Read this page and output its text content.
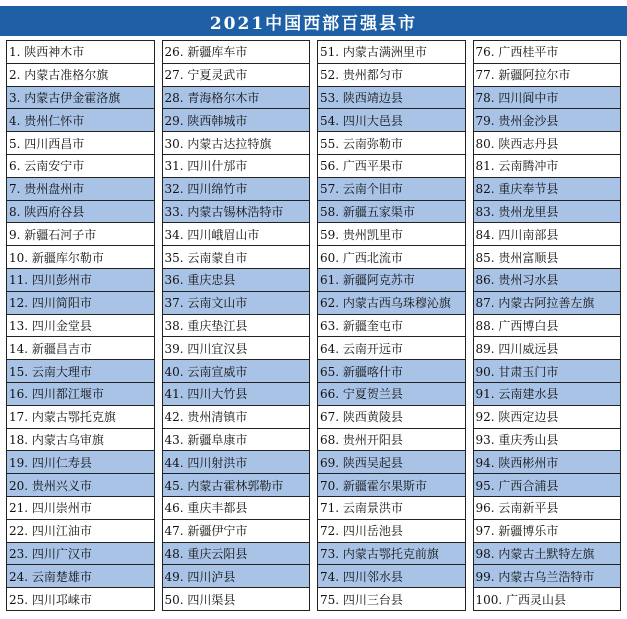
2021中国西部百强县市
1. 陕西神木市
2. 内蒙古准格尔旗
3. 内蒙古伊金霍洛旗
4. 贵州仁怀市
5. 四川西昌市
6. 云南安宁市
7. 贵州盘州市
8. 陕西府谷县
9. 新疆石河子市
10. 新疆库尔勒市
11. 四川彭州市
12. 四川简阳市
13. 四川金堂县
14. 新疆昌吉市
15. 云南大理市
16. 四川都江堰市
17. 内蒙古鄂托克旗
18. 内蒙古乌审旗
19. 四川仁寿县
20. 贵州兴义市
21. 四川崇州市
22. 四川江油市
23. 四川广汉市
24. 云南楚雄市
25. 四川邛崃市
26. 新疆库车市
27. 宁夏灵武市
28. 青海格尔木市
29. 陕西韩城市
30. 内蒙古达拉特旗
31. 四川什邡市
32. 四川绵竹市
33. 内蒙古锡林浩特市
34. 四川峨眉山市
35. 云南蒙自市
36. 重庆忠县
37. 云南文山市
38. 重庆垫江县
39. 四川宜汉县
40. 云南宣威市
41. 四川大竹县
42. 贵州清镇市
43. 新疆阜康市
44. 四川射洪市
45. 内蒙古霍林郭勒市
46. 重庆丰都县
47. 新疆伊宁市
48. 重庆云阳县
49. 四川泸县
50. 四川渠县
51. 内蒙古满洲里市
52. 贵州都匀市
53. 陕西靖边县
54. 四川大邑县
55. 云南弥勒市
56. 广西平果市
57. 云南个旧市
58. 新疆五家渠市
59. 贵州凯里市
60. 广西北流市
61. 新疆阿克苏市
62. 内蒙古西乌珠穆沁旗
63. 新疆奎屯市
64. 云南开远市
65. 新疆喀什市
66. 宁夏贺兰县
67. 陕西黄陵县
68. 贵州开阳县
69. 陕西吴起县
70. 新疆霍尔果斯市
71. 云南景洪市
72. 四川岳池县
73. 内蒙古鄂托克前旗
74. 四川邻水县
75. 四川三台县
76. 广西桂平市
77. 新疆阿拉尔市
78. 四川阆中市
79. 贵州金沙县
80. 陕西志丹县
81. 云南腾冲市
82. 重庆奉节县
83. 贵州龙里县
84. 四川南部县
85. 贵州富顺县
86. 贵州习水县
87. 内蒙古阿拉善左旗
88. 广西博白县
89. 四川威远县
90. 甘肃玉门市
91. 云南建水县
92. 陕西定边县
93. 重庆秀山县
94. 陕西彬州市
95. 广西合浦县
96. 云南新平县
97. 新疆博乐市
98. 内蒙古土默特左旗
99. 内蒙古乌兰浩特市
100. 广西灵山县
